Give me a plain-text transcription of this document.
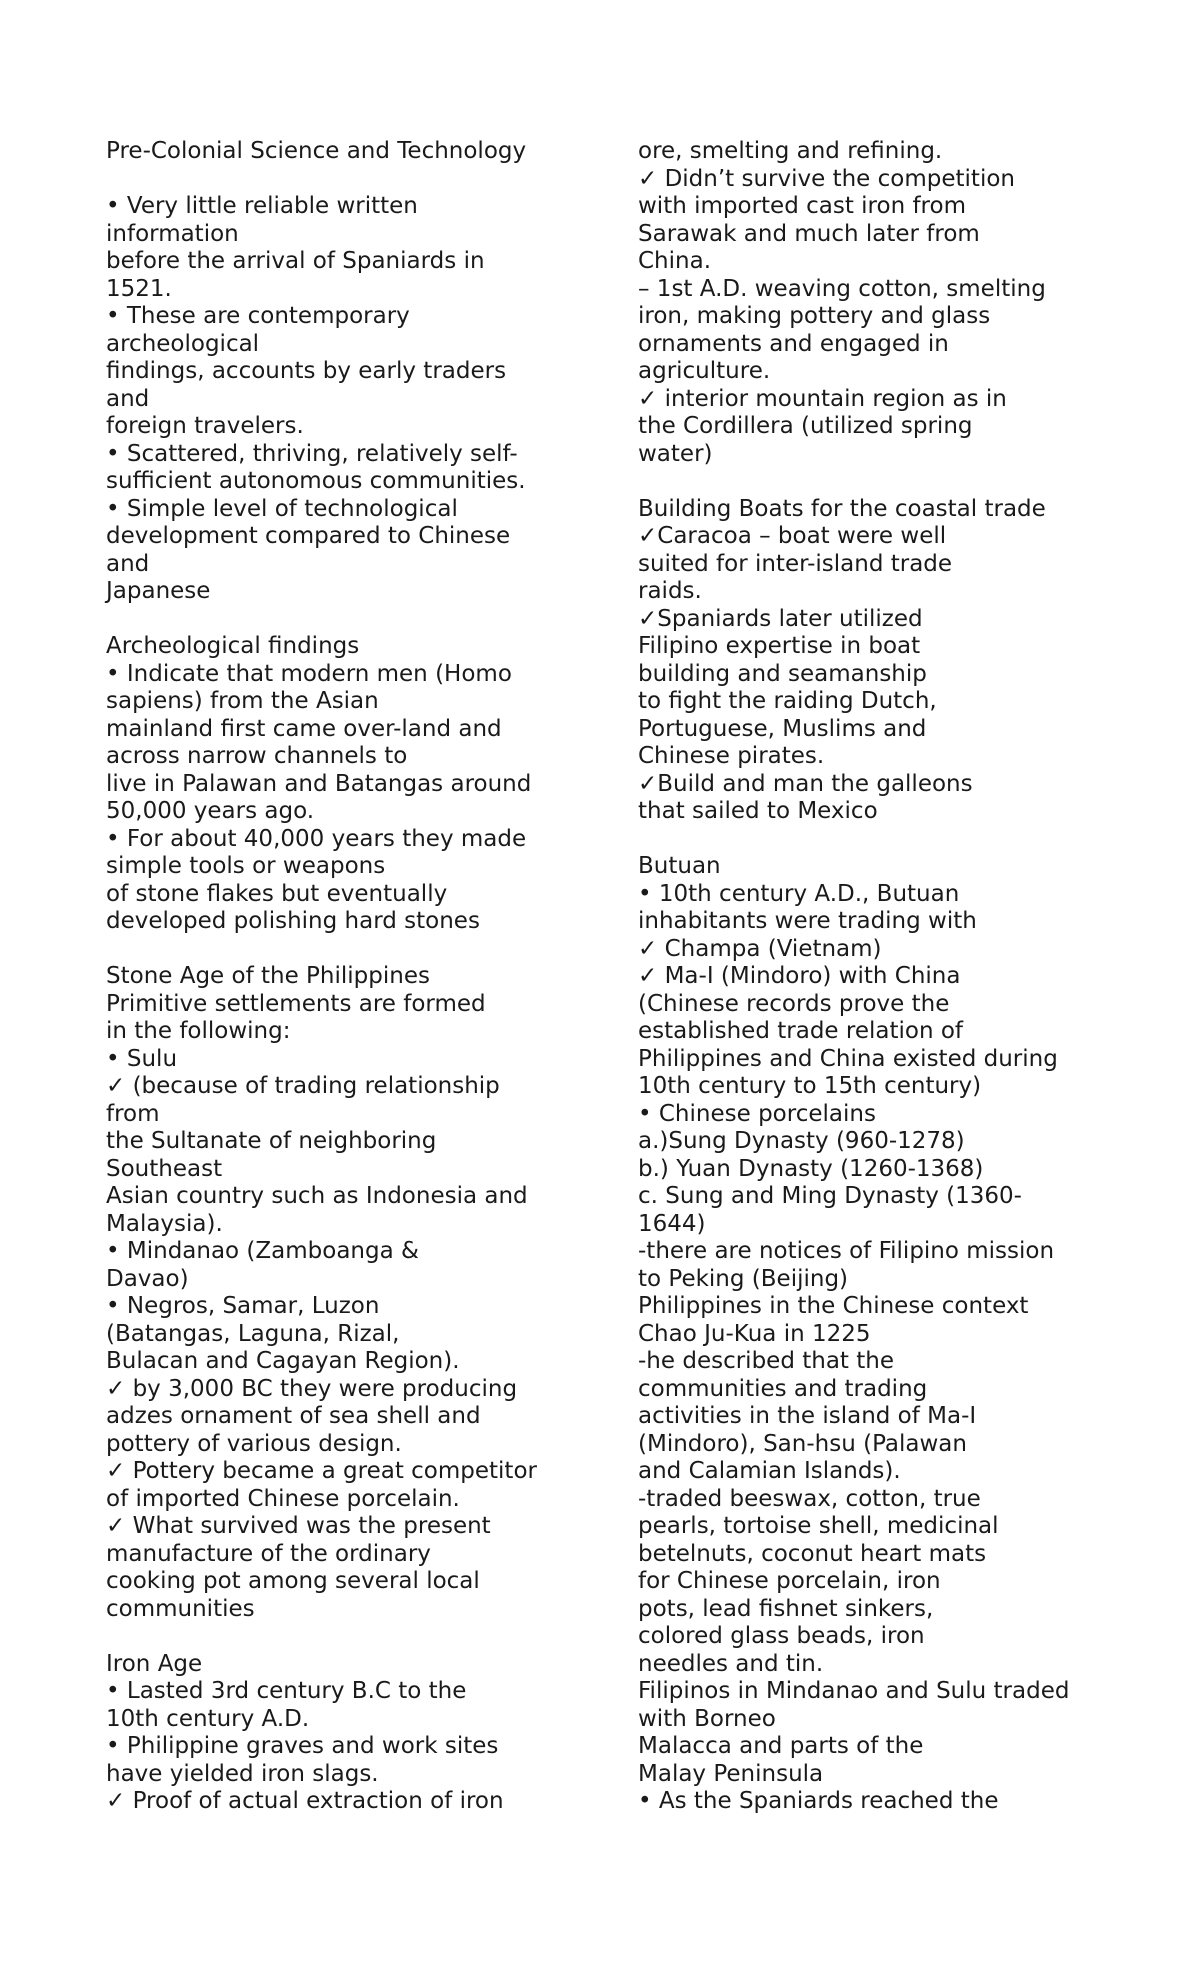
Pre-Colonial Science and Technology
• Very little reliable written
information
before the arrival of Spaniards in
1521.
• These are contemporary
archeological
findings, accounts by early traders
and
foreign travelers.
• Scattered, thriving, relatively self-
sufficient autonomous communities.
• Simple level of technological
development compared to Chinese
and
Japanese
Archeological findings
• Indicate that modern men (Homo
sapiens) from the Asian
mainland first came over-land and
across narrow channels to
live in Palawan and Batangas around
50,000 years ago.
• For about 40,000 years they made
simple tools or weapons
of stone flakes but eventually
developed polishing hard stones
Stone Age of the Philippines
Primitive settlements are formed
in the following:
• Sulu
✓ (because of trading relationship
from
the Sultanate of neighboring
Southeast
Asian country such as Indonesia and
Malaysia).
• Mindanao (Zamboanga &
Davao)
• Negros, Samar, Luzon
(Batangas, Laguna, Rizal,
Bulacan and Cagayan Region).
✓ by 3,000 BC they were producing
adzes ornament of sea shell and
pottery of various design.
✓ Pottery became a great competitor
of imported Chinese porcelain.
✓ What survived was the present
manufacture of the ordinary
cooking pot among several local
communities
Iron Age
• Lasted 3rd century B.C to the
10th century A.D.
• Philippine graves and work sites
have yielded iron slags.
✓ Proof of actual extraction of iron
ore, smelting and refining.
✓ Didn’t survive the competition
with imported cast iron from
Sarawak and much later from
China.
– 1st A.D. weaving cotton, smelting
iron, making pottery and glass
ornaments and engaged in
agriculture.
✓ interior mountain region as in
the Cordillera (utilized spring
water)
Building Boats for the coastal trade
✓Caracoa – boat were well
suited for inter-island trade
raids.
✓Spaniards later utilized
Filipino expertise in boat
building and seamanship
to fight the raiding Dutch,
Portuguese, Muslims and
Chinese pirates.
✓Build and man the galleons
that sailed to Mexico
Butuan
• 10th century A.D., Butuan
inhabitants were trading with
✓ Champa (Vietnam)
✓ Ma-I (Mindoro) with China
(Chinese records prove the
established trade relation of
Philippines and China existed during
10th century to 15th century)
• Chinese porcelains
a.)Sung Dynasty (960-1278)
b.) Yuan Dynasty (1260-1368)
c. Sung and Ming Dynasty (1360-
1644)
-there are notices of Filipino mission
to Peking (Beijing)
Philippines in the Chinese context
Chao Ju-Kua in 1225
-he described that the
communities and trading
activities in the island of Ma-I
(Mindoro), San-hsu (Palawan
and Calamian Islands).
-traded beeswax, cotton, true
pearls, tortoise shell, medicinal
betelnuts, coconut heart mats
for Chinese porcelain, iron
pots, lead fishnet sinkers,
colored glass beads, iron
needles and tin.
Filipinos in Mindanao and Sulu traded
with Borneo
Malacca and parts of the
Malay Peninsula
• As the Spaniards reached the
